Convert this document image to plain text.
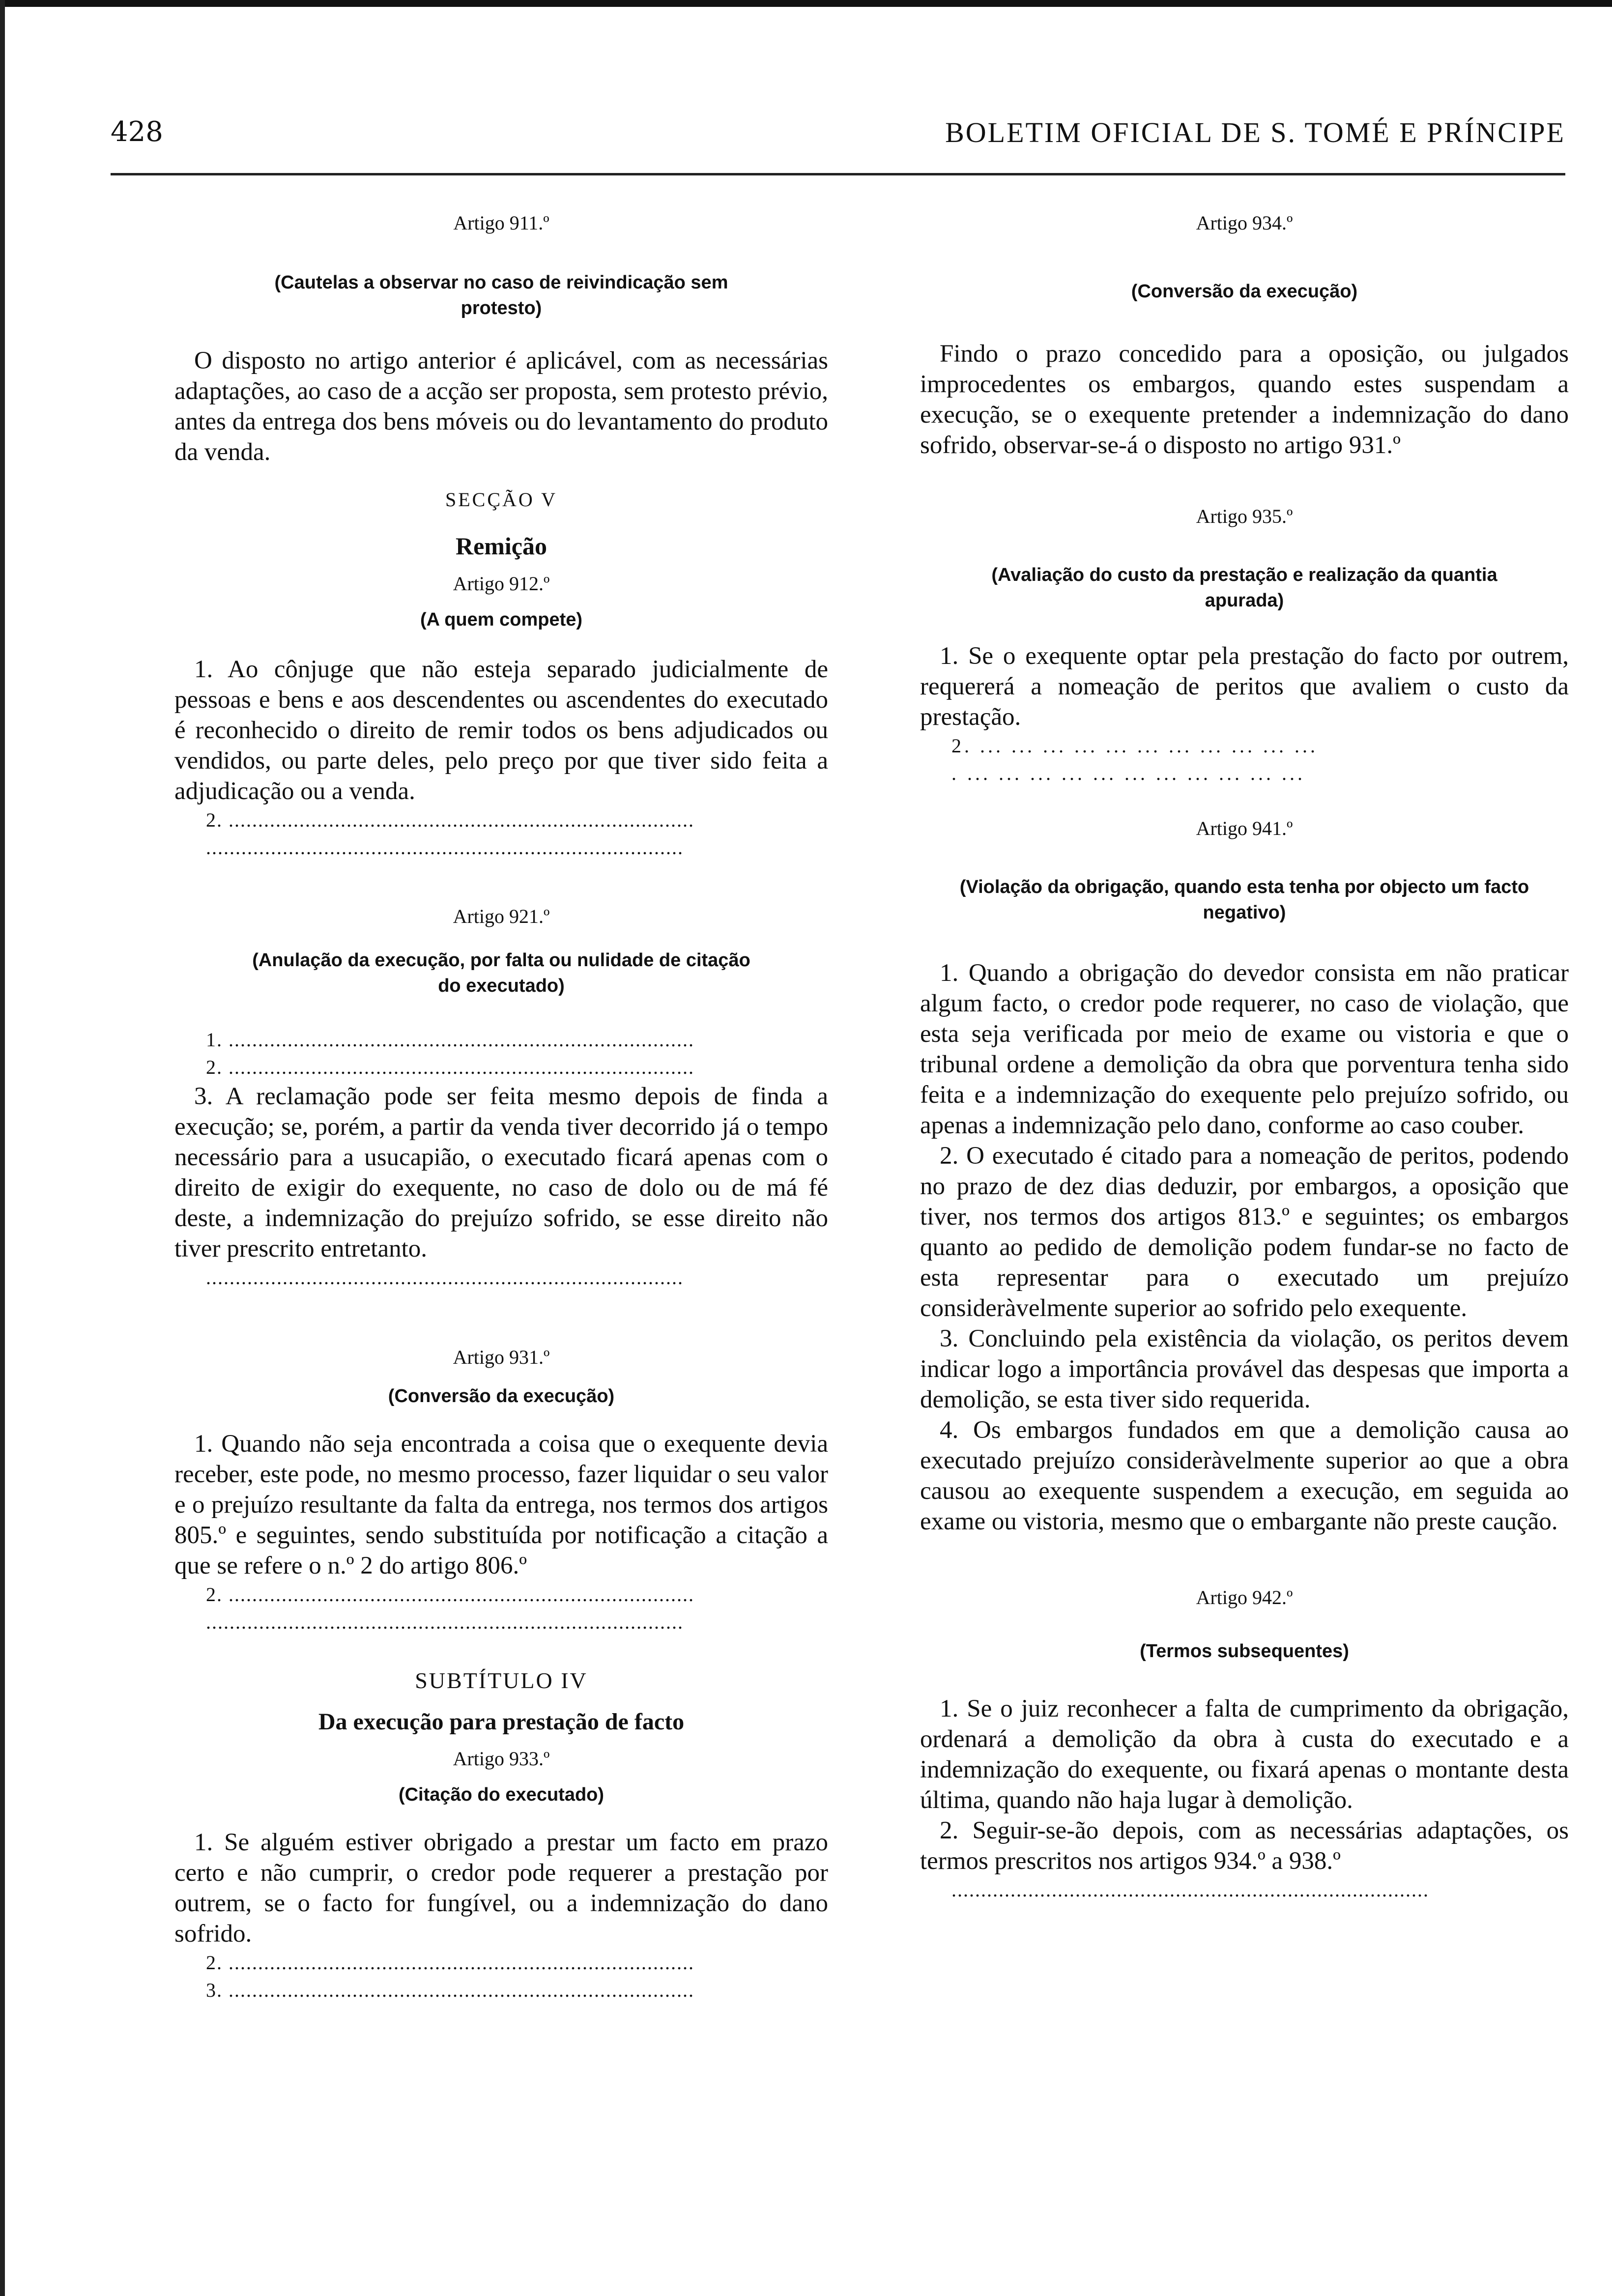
428	BOLETIM OFICIAL DE S. TOMÉ E PRÍNCIPE

Artigo 911.º

(Cautelas a observar no caso de reivindicação sem protesto)

O disposto no artigo anterior é aplicável, com as necessárias adaptações, ao caso de a acção ser proposta, sem protesto prévio, antes da entrega dos bens móveis ou do levantamento do produto da venda.

SECÇÃO V

Remição

Artigo 912.º

(A quem compete)

1. Ao cônjuge que não esteja separado judicialmente de pessoas e bens e aos descendentes ou ascendentes do executado é reconhecido o direito de remir todos os bens adjudicados ou vendidos, ou parte deles, pelo preço por que tiver sido feita a adjudicação ou a venda.

2. ...............................................................................

.................................................................................

Artigo 921.º

(Anulação da execução, por falta ou nulidade de citação do executado)

1. ...............................................................................

2. ...............................................................................

3. A reclamação pode ser feita mesmo depois de finda a execução; se, porém, a partir da venda tiver decorrido já o tempo necessário para a usucapião, o executado ficará apenas com o direito de exigir do exequente, no caso de dolo ou de má fé deste, a indemnização do prejuízo sofrido, se esse direito não tiver prescrito entretanto.

.................................................................................

Artigo 931.º

(Conversão da execução)

1. Quando não seja encontrada a coisa que o exequente devia receber, este pode, no mesmo processo, fazer liquidar o seu valor e o prejuízo resultante da falta da entrega, nos termos dos artigos 805.º e seguintes, sendo substituída por notificação a citação a que se refere o n.º 2 do artigo 806.º

2. ...............................................................................

.................................................................................

SUBTÍTULO IV

Da execução para prestação de facto

Artigo 933.º

(Citação do executado)

1. Se alguém estiver obrigado a prestar um facto em prazo certo e não cumprir, o credor pode requerer a prestação por outrem, se o facto for fungível, ou a indemnização do dano sofrido.

2. ...............................................................................

3. ...............................................................................

Artigo 934.º

(Conversão da execução)

Findo o prazo concedido para a oposição, ou julgados improcedentes os embargos, quando estes suspendam a execução, se o exequente pretender a indemnização do dano sofrido, observar-se-á o disposto no artigo 931.º

Artigo 935.º

(Avaliação do custo da prestação e realização da quantia apurada)

1. Se o exequente optar pela prestação do facto por outrem, requererá a nomeação de peritos que avaliem o custo da prestação.

2. ... ... ... ... ... ... ... ... ... ... ...

. ... ... ... ... ... ... ... ... ... ... ...

Artigo 941.º

(Violação da obrigação, quando esta tenha por objecto um facto negativo)

1. Quando a obrigação do devedor consista em não praticar algum facto, o credor pode requerer, no caso de violação, que esta seja verificada por meio de exame ou vistoria e que o tribunal ordene a demolição da obra que porventura tenha sido feita e a indemnização do exequente pelo prejuízo sofrido, ou apenas a indemnização pelo dano, conforme ao caso couber.

2. O executado é citado para a nomeação de peritos, podendo no prazo de dez dias deduzir, por embargos, a oposição que tiver, nos termos dos artigos 813.º e seguintes; os embargos quanto ao pedido de demolição podem fundar-se no facto de esta representar para o executado um prejuízo consideràvelmente superior ao sofrido pelo exequente.

3. Concluindo pela existência da violação, os peritos devem indicar logo a importância provável das despesas que importa a demolição, se esta tiver sido requerida.

4. Os embargos fundados em que a demolição causa ao executado prejuízo consideràvelmente superior ao que a obra causou ao exequente suspendem a execução, em seguida ao exame ou vistoria, mesmo que o embargante não preste caução.

Artigo 942.º

(Termos subsequentes)

1. Se o juiz reconhecer a falta de cumprimento da obrigação, ordenará a demolição da obra à custa do executado e a indemnização do exequente, ou fixará apenas o montante desta última, quando não haja lugar à demolição.

2. Seguir-se-ão depois, com as necessárias adaptações, os termos prescritos nos artigos 934.º a 938.º

.................................................................................
